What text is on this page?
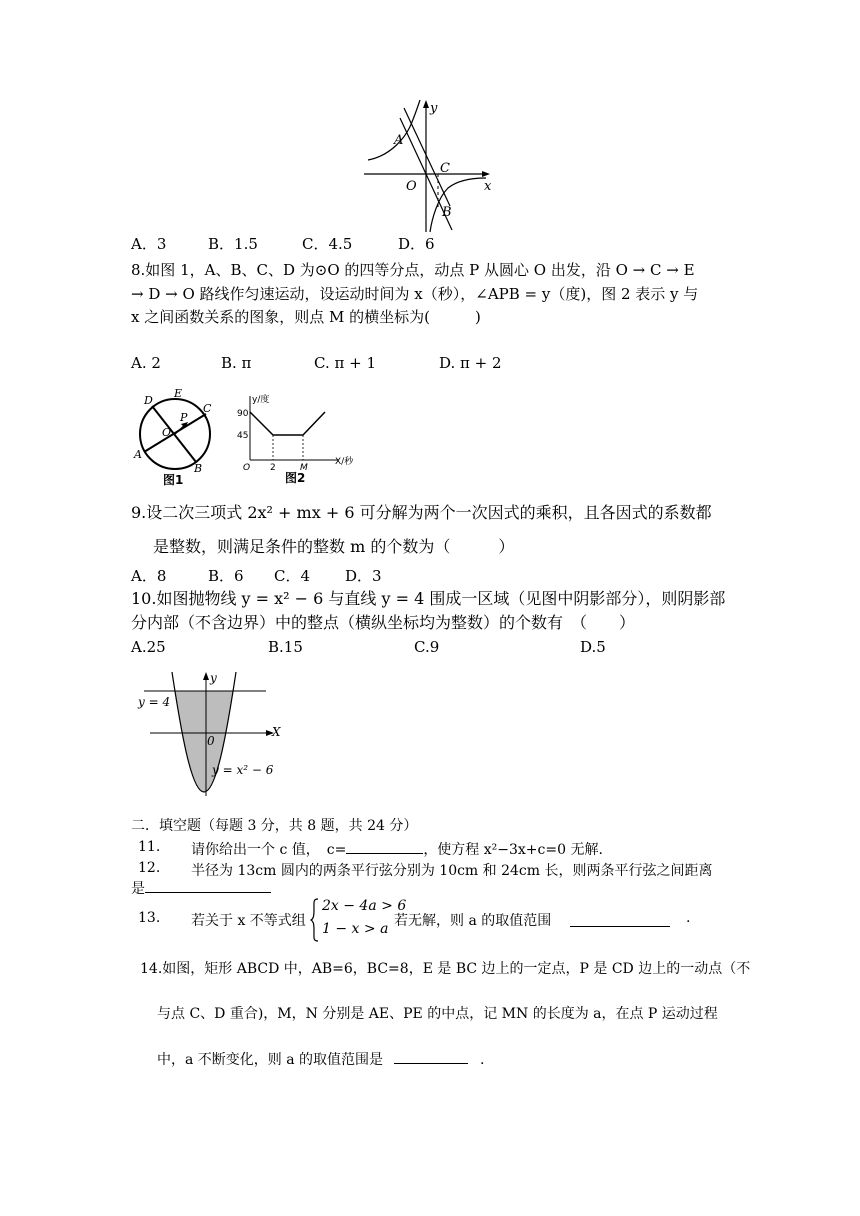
y
x
O
A
C
B
A．3	B．1.5	C．4.5	D．6
8.如图 1，A、B、C、D 为⊙O 的四等分点，动点 P 从圆心 O 出发，沿 O → C → E
→ D → O 路线作匀速运动，设运动时间为 x（秒），∠APB = y（度)，图 2 表示 y 与
x 之间函数关系的图象，则点 M 的横坐标为(　　　)
A. 2	B. π	C. π + 1	D. π + 2
D
E
C
P
O
A
B
图1
y/度
90
45
O 2	M
X/秒
图2
9.设二次三项式 2x² + mx + 6 可分解为两个一次因式的乘积，且各因式的系数都
是整数，则满足条件的整数 m 的个数为（　　　）
A．8	B．6 C．4 D．3
10.如图抛物线 y = x² − 6 与直线 y = 4 围成一区域（见图中阴影部分），则阴影部
分内部（不含边界）中的整点（横纵坐标均为整数）的个数有　（　　）
A.25	B.15	C.9	D.5
y
X
0
y = 4
y = x² − 6
二．填空题（每题 3 分，共 8 题，共 24 分）
11. 请你给出一个 c 值，　c=	，使方程 x²−3x+c=0 无解.
12. 半径为 13cm 圆内的两条平行弦分别为 10cm 和 24cm 长，则两条平行弦之间距离
是
13. 若关于 x 不等式组
2x − 4a > 6
1 − x > a 若无解，则 a 的取值范围	.
14.如图，矩形 ABCD 中，AB=6，BC=8，E 是 BC 边上的一定点，P 是 CD 边上的一动点（不
与点 C、D 重合)，M，N 分别是 AE、PE 的中点，记 MN 的长度为 a，在点 P 运动过程
中，a 不断变化，则 a 的取值范围是	.
